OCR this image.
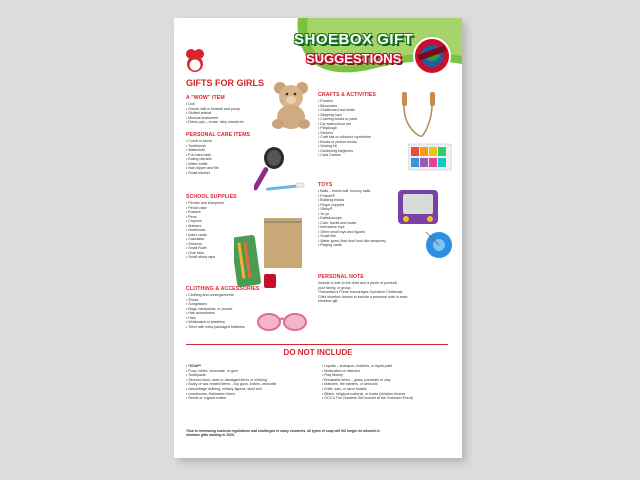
SHOEBOX GIFT
SUGGESTIONS
GIFTS FOR GIRLS
A "WOW" ITEM
• Doll
• Soccer ball or football and pump
• Stuffed animal
• Musical instrument
• Dress-ups – crown, fairy wands etc
PERSONAL CARE ITEMS
• Comb or brush
• Toothbrush
• Washcloth
• Fun band aids
• Eating utensils
• Water bottle
• Nail clipper and file
• Small blanket
SCHOOL SUPPLIES
• Pencils and sharpener
• Pencil case
• Erasers
• Pens
• Crayons
• Markers
• Notebooks
• Index cards
• Calculator
• Scissors
• Small Ruler
• Glue stick
• Small sticky tape
CLOTHING & ACCESSORIES
• Clothing and undergarments
• Shoes
• Sunglasses
• Bags, backpacks, or purses
• Hair accessories
• Hats
• Wristwatch or jewellery
• Torch with extra packaged batteries
CRAFTS & ACTIVITIES
• Puzzles
• Binoculars
• Chalkboard and chalk
• Skipping rope
• Coloring books or pads
• Diy watercolour set
• Playdough
• Stickers
• Craft kits or colourful rope/twine
• Books or picture books
• Sewing kit
• Gardening kit/gloves
• Card Games
TOYS
• Balls – tennis ball, bouncy balls,
• Frisbee®
• Building blocks
• Finger puppets
• Slinky®
• Yo-yo
• Kaleidoscope
• Cars, trucks and boats
• Interactive toys
• Other small toys and figures
• Small kite
• Water guns (that don't look like weapons)
• Playing cards
PERSONAL NOTE
Include a note to the child and a photo of yourself,
your family, or group.
*Samaritan's Purse encourages Operation Christmas
Child shoebox donors to include a personal note in each
shoebox gift.
DO NOT INCLUDE
• *SOAP*
• Food, lollies, chocolate, or gum
• Toothpaste
• Second-hand, used or damaged items or clothing
• Scary or war-related items – toy guns, knives, wearable
• camouflage clothing, military figures, skull and
• crossbones, Halloween items
• Seeds or organic matter
• Liquids – shampoo, bubbles, or liquid paint
• Medication or vitamins
• Play Money
• Breakable items – glass, porcelain or clay
• Matches, fire starters, or aerosols
• Knife, saw, or razor blades
• Bibles, religious material, or tracts (children receive
• OCC's The Greatest Gift booklet at the Outreach Event)
*Due to increasing customs regulations and challenges in many countries, all types of soap will NO longer be allowed in
shoebox gifts starting in 2025.
